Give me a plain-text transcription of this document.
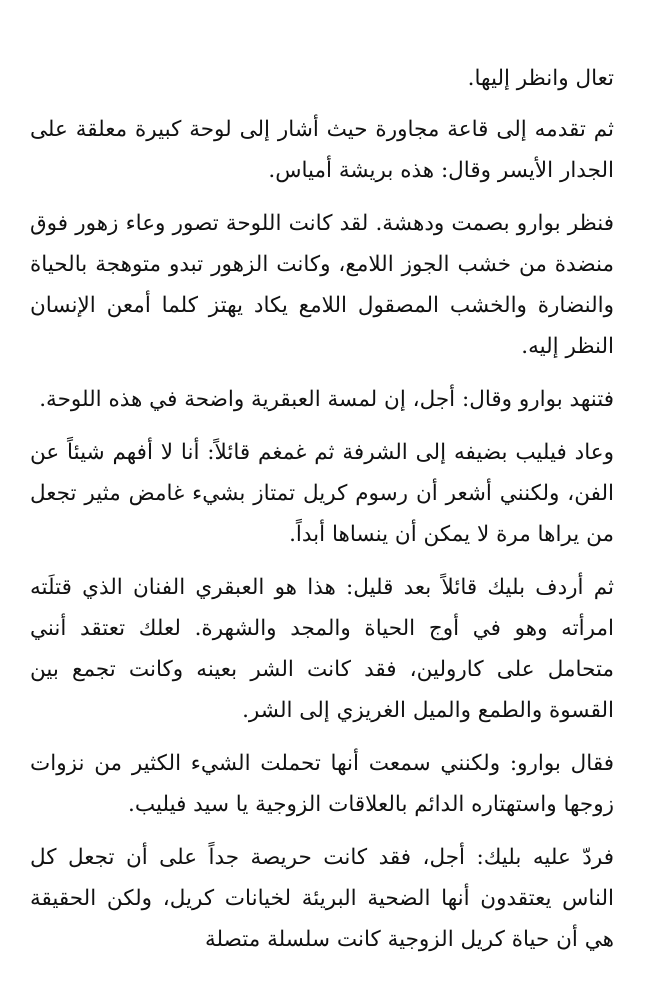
تعال وانظر إليها.

ثم تقدمه إلى قاعة مجاورة حيث أشار إلى لوحة كبيرة معلقة على الجدار الأيسر وقال: هذه بريشة أمياس.

فنظر بوارو بصمت ودهشة. لقد كانت اللوحة تصور وعاء زهور فوق منضدة من خشب الجوز اللامع، وكانت الزهور تبدو متوهجة بالحياة والنضارة والخشب المصقول اللامع يكاد يهتز كلما أمعن الإنسان النظر إليه.

فتنهد بوارو وقال: أجل، إن لمسة العبقرية واضحة في هذه اللوحة.

وعاد فيليب بضيفه إلى الشرفة ثم غمغم قائلاً: أنا لا أفهم شيئاً عن الفن، ولكنني أشعر أن رسوم كريل تمتاز بشيء غامض مثير تجعل من يراها مرة لا يمكن أن ينساها أبداً.

ثم أردف بليك قائلاً بعد قليل: هذا هو العبقري الفنان الذي قتلَته امرأته وهو في أوج الحياة والمجد والشهرة. لعلك تعتقد أنني متحامل على كارولين، فقد كانت الشر بعينه وكانت تجمع بين القسوة والطمع والميل الغريزي إلى الشر.

فقال بوارو: ولكنني سمعت أنها تحملت الشيء الكثير من نزوات زوجها واستهتاره الدائم بالعلاقات الزوجية يا سيد فيليب.

فردّ عليه بليك: أجل، فقد كانت حريصة جداً على أن تجعل كل الناس يعتقدون أنها الضحية البريئة لخيانات كريل، ولكن الحقيقة هي أن حياة كريل الزوجية كانت سلسلة متصلة
